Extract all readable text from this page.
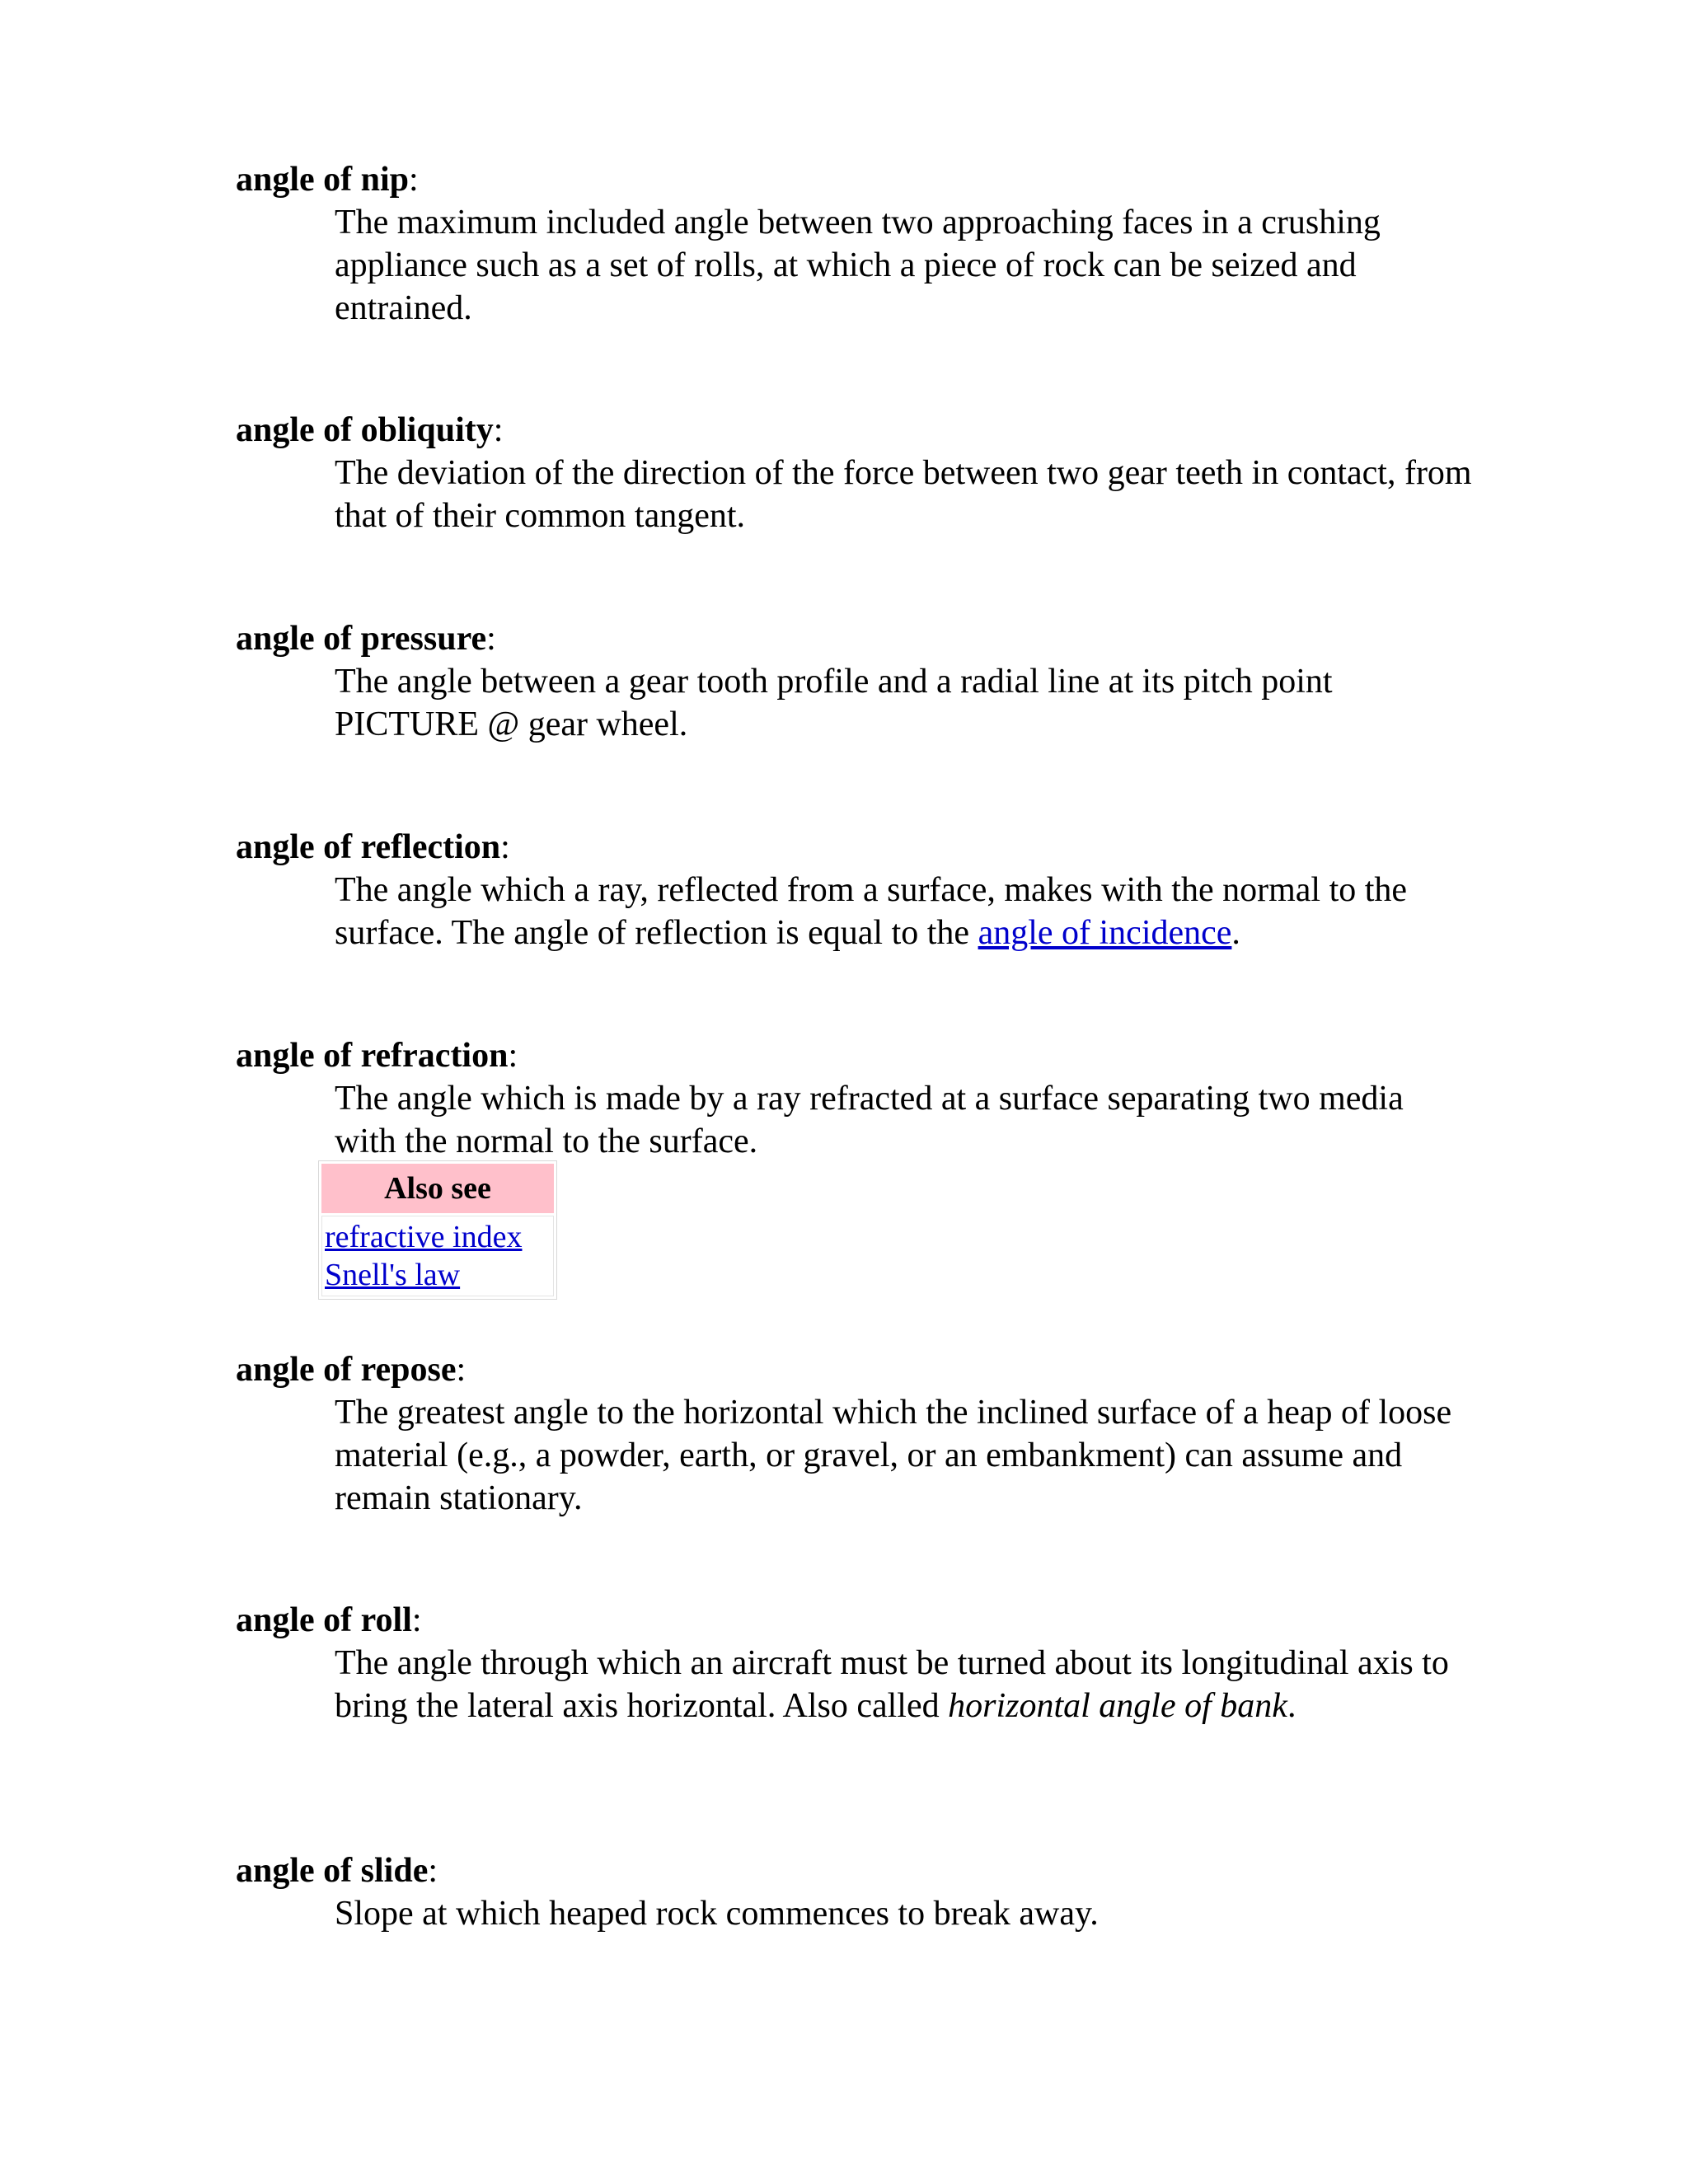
angle of nip:
The maximum included angle between two approaching faces in a crushing appliance such as a set of rolls, at which a piece of rock can be seized and entrained.
angle of obliquity:
The deviation of the direction of the force between two gear teeth in contact, from that of their common tangent.
angle of pressure:
The angle between a gear tooth profile and a radial line at its pitch point PICTURE @ gear wheel.
angle of reflection:
The angle which a ray, reflected from a surface, makes with the normal to the surface. The angle of reflection is equal to the angle of incidence.
angle of refraction:
The angle which is made by a ray refracted at a surface separating two media with the normal to the surface.
Also see
refractive index
Snell's law
angle of repose:
The greatest angle to the horizontal which the inclined surface of a heap of loose material (e.g., a powder, earth, or gravel, or an embankment) can assume and remain stationary.
angle of roll:
The angle through which an aircraft must be turned about its longitudinal axis to bring the lateral axis horizontal. Also called horizontal angle of bank.
angle of slide:
Slope at which heaped rock commences to break away.
